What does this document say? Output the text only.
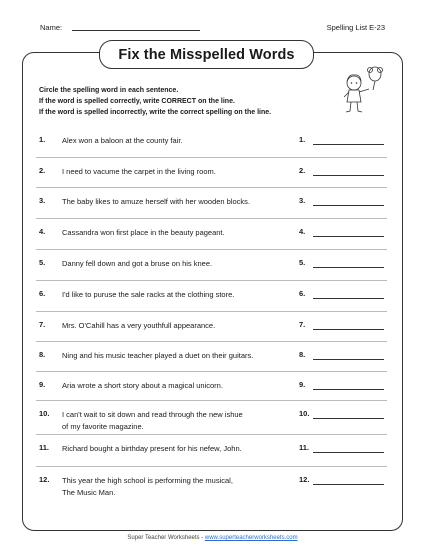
Name:	Spelling List E-23
Fix the Misspelled Words
Circle the spelling word in each sentence.
If the word is spelled correctly, write CORRECT on the line.
If the word is spelled incorrectly, write the correct spelling on the line.
1. Alex won a baloon at the county fair.	1.
2. I need to vacume the carpet in the living room.	2.
3. The baby likes to amuze herself with her wooden blocks.	3.
4. Cassandra won first place in the beauty pageant.	4.
5. Danny fell down and got a bruse on his knee.	5.
6. I'd like to puruse the sale racks at the clothing store.	6.
7. Mrs. O'Cahill has a very youthfull appearance.	7.
8. Ning and his music teacher played a duet on their guitars.	8.
9. Aria wrote a short story about a magical unicorn.	9.
10. I can't wait to sit down and read through the new ishue
of my favorite magazine.
10.
11. Richard bought a birthday present for his nefew, John.	11.
12. This year the high school is performing the musical,
The Music Man.
12.
Super Teacher Worksheets - www.superteacherworksheets.com
